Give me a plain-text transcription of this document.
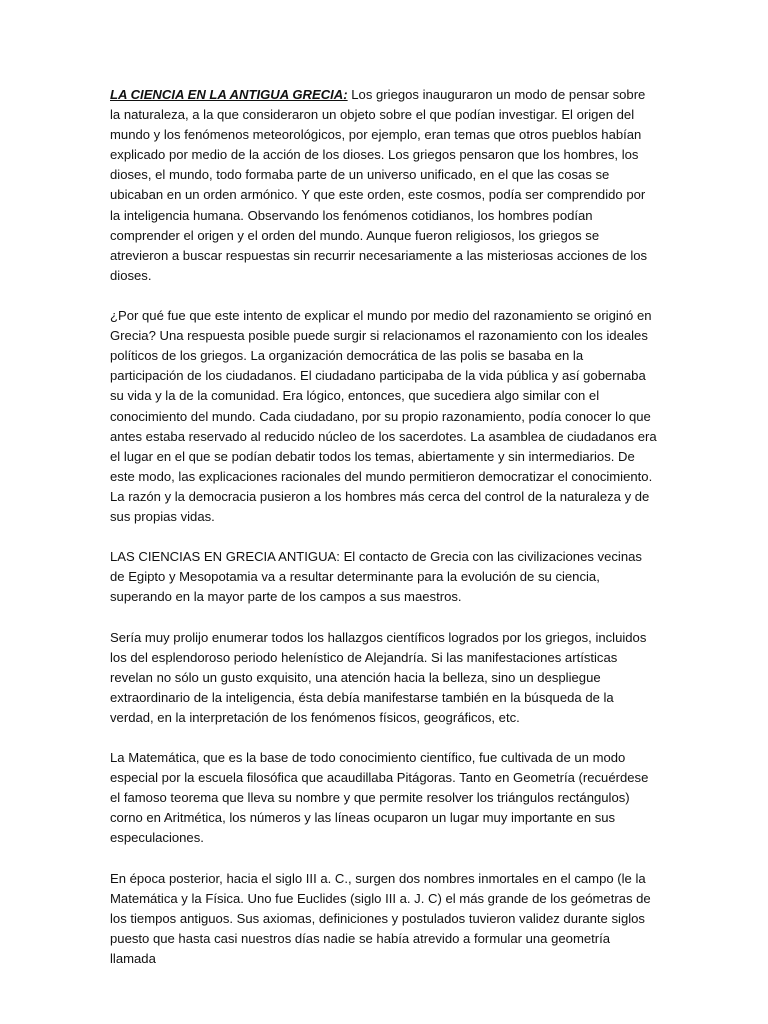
LA CIENCIA EN LA ANTIGUA GRECIA: Los griegos inauguraron un modo de pensar sobre la naturaleza, a la que consideraron un objeto sobre el que podían investigar. El origen del mundo y los fenómenos meteorológicos, por ejemplo, eran temas que otros pueblos habían explicado por medio de la acción de los dioses. Los griegos pensaron que los hombres, los dioses, el mundo, todo formaba parte de un universo unificado, en el que las cosas se ubicaban en un orden armónico. Y que este orden, este cosmos, podía ser comprendido por la inteligencia humana. Observando los fenómenos cotidianos, los hombres podían comprender el origen y el orden del mundo. Aunque fueron religiosos, los griegos se atrevieron a buscar respuestas sin recurrir necesariamente a las misteriosas acciones de los dioses.

¿Por qué fue que este intento de explicar el mundo por medio del razonamiento se originó en Grecia? Una respuesta posible puede surgir si relacionamos el razonamiento con los ideales políticos de los griegos. La organización democrática de las polis se basaba en la participación de los ciudadanos. El ciudadano participaba de la vida pública y así gobernaba su vida y la de la comunidad. Era lógico, entonces, que sucediera algo similar con el conocimiento del mundo. Cada ciudadano, por su propio razonamiento, podía conocer lo que antes estaba reservado al reducido núcleo de los sacerdotes. La asamblea de ciudadanos era el lugar en el que se podían debatir todos los temas, abiertamente y sin intermediarios. De este modo, las explicaciones racionales del mundo permitieron democratizar el conocimiento. La razón y la democracia pusieron a los hombres más cerca del control de la naturaleza y de sus propias vidas.

LAS CIENCIAS EN GRECIA ANTIGUA: El contacto de Grecia con las civilizaciones vecinas de Egipto y Mesopotamia va a resultar determinante para la evolución de su ciencia, superando en la mayor parte de los campos a sus maestros.

Sería muy prolijo enumerar todos los hallazgos científicos logrados por los griegos, incluidos los del esplendoroso periodo helenístico de Alejandría. Si las manifestaciones artísticas revelan no sólo un gusto exquisito, una atención hacia la belleza, sino un despliegue extraordinario de la inteligencia, ésta debía manifestarse también en la búsqueda de la verdad, en la interpretación de los fenómenos físicos, geográficos, etc.

La Matemática, que es la base de todo conocimiento científico, fue cultivada de un modo especial por la escuela filosófica que acaudillaba Pitágoras. Tanto en Geometría (recuérdese el famoso teorema que lleva su nombre y que permite resolver los triángulos rectángulos) corno en Aritmética, los números y las líneas ocuparon un lugar muy importante en sus especulaciones.

En época posterior, hacia el siglo III a. C., surgen dos nombres inmortales en el campo (le la Matemática y la Física. Uno fue Euclides (siglo III a. J. C) el más grande de los geómetras de los tiempos antiguos. Sus axiomas, definiciones y postulados tuvieron validez durante siglos puesto que hasta casi nuestros días nadie se había atrevido a formular una geometría llamada
